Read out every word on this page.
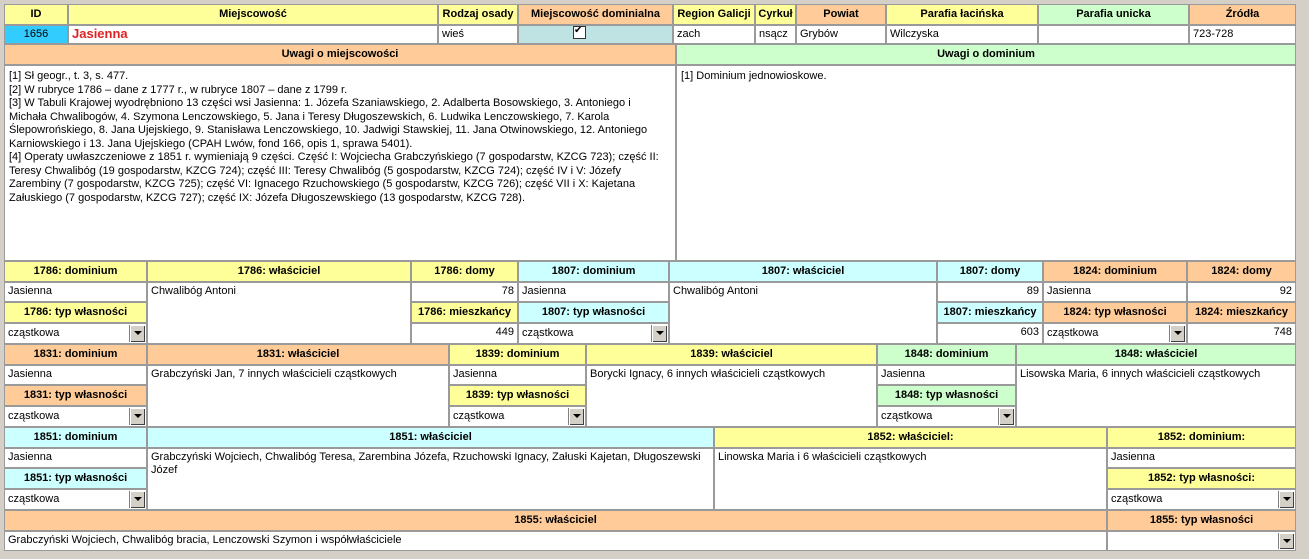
ID	Miejscowość	Rodzaj osady	Miejscowość dominialna	Region Galicji Cyrkuł	Powiat	Parafia łacińska	Parafia unicka	Źródła
1656	Jasienna	wieś
✔	zach	nsącz	Grybów	Wilczyska	723-728
Uwagi o miejscowości	Uwagi o dominium
[1] Sł geogr., t. 3, s. 477.
[2] W rubryce 1786 – dane z 1777 r., w rubryce 1807 – dane z 1799 r.
[3] W Tabuli Krajowej wyodrębniono 13 części wsi Jasienna: 1. Józefa Szaniawskiego, 2. Adalberta Bosowskiego, 3. Antoniego i Michała Chwalibogów, 4. Szymona Lenczowskiego, 5. Jana i Teresy Długoszewskich, 6. Ludwika Lenczowskiego, 7. Karola Ślepowrońskiego, 8. Jana Ujejskiego, 9. Stanisława Lenczowskiego, 10. Jadwigi Stawskiej, 11. Jana Otwinowskiego, 12. Antoniego Karniowskiego i 13. Jana Ujejskiego (CPAH Lwów, fond 166, opis 1, sprawa 5401).
[4] Operaty uwłaszczeniowe z 1851 r. wymieniają 9 części. Część I: Wojciecha Grabczyńskiego (7 gospodarstw, KZCG 723); część II: Teresy Chwalibóg (19 gospodarstw, KZCG 724); część III: Teresy Chwalibóg (5 gospodarstw, KZCG 724); część IV i V: Józefy Zarembiny (7 gospodarstw, KZCG 725); część VI: Ignacego Rzuchowskiego (5 gospodarstw, KZCG 726); część VII i X: Kajetana Załuskiego (7 gospodarstw, KZCG 727); część IX: Józefa Długoszewskiego (13 gospodarstw, KZCG 728).
[1] Dominium jednowioskowe.
1786: dominium	1786: właściciel	1786: domy	1807: dominium	1807: właściciel	1807: domy	1824: dominium	1824: domy
Jasienna	Chwalibóg Antoni	78 Jasienna	Chwalibóg Antoni	89 Jasienna	92
1786: typ własności	1786: mieszkańcy	1807: typ własności	1807: mieszkańcy	1824: typ własności	1824: mieszkańcy
cząstkowa	449 cząstkowa	603 cząstkowa	748
1831: dominium	1831: właściciel	1839: dominium	1839: właściciel	1848: dominium	1848: właściciel
Jasienna	Grabczyński Jan, 7 innych właścicieli cząstkowych	Jasienna	Borycki Ignacy, 6 innych właścicieli cząstkowych	Jasienna	Lisowska Maria, 6 innych właścicieli cząstkowych
1831: typ własności	1839: typ własności	1848: typ własności
cząstkowa	cząstkowa	cząstkowa
1851: dominium	1851: właściciel	1852: właściciel:	1852: dominium:
Jasienna	Grabczyński Wojciech, Chwalibóg Teresa, Zarembina Józefa, Rzuchowski Ignacy, Załuski Kajetan, Długoszewski Józef
Linowska Maria i 6 właścicieli cząstkowych	Jasienna
1851: typ własności	1852: typ własności:
cząstkowa	cząstkowa
1855: właściciel	1855: typ własności
Grabczyński Wojciech, Chwalibóg bracia, Lenczowski Szymon i współwłaściciele
